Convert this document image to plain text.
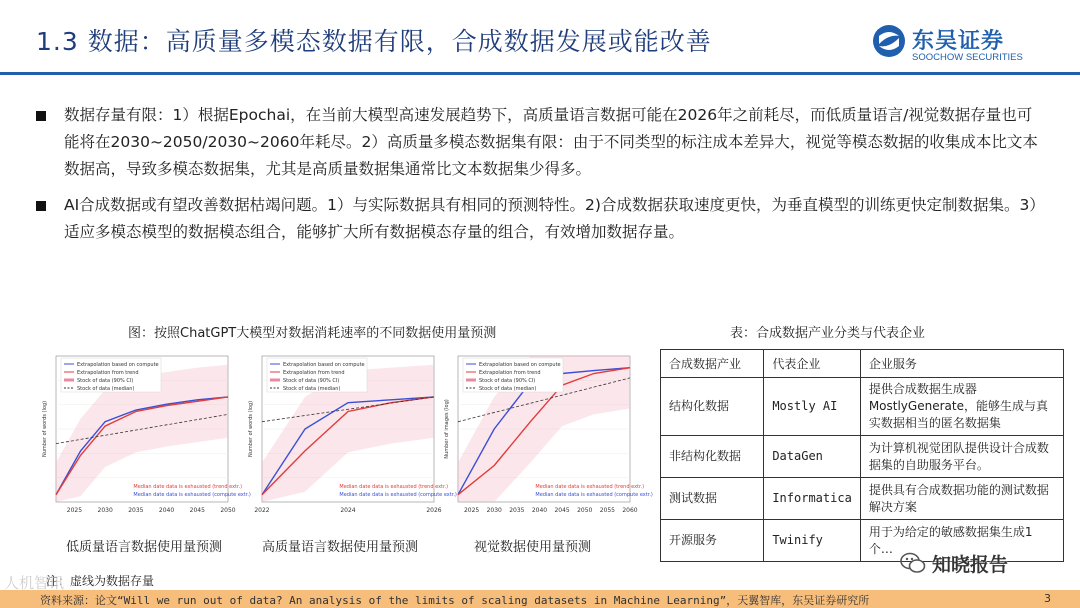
1.3 数据：高质量多模态数据有限，合成数据发展或能改善	东吴证券
SOOCHOW SECURITIES
数据存量有限：1）根据Epochai，在当前大模型高速发展趋势下，高质量语言数据可能在2026年之前耗尽，而低质量语言/视觉数据存量也可能将在2030~2050/2030~2060年耗尽。2）高质量多模态数据集有限：由于不同类型的标注成本差异大，视觉等模态数据的收集成本比文本数据高，导致多模态数据集，尤其是高质量数据集通常比文本数据集少得多。
AI合成数据或有望改善数据枯竭问题。1）与实际数据具有相同的预测特性。2)合成数据获取速度更快，为垂直模型的训练更快定制数据集。3）适应多模态模型的数据模态组合，能够扩大所有数据模态存量的组合，有效增加数据存量。
图：按照ChatGPT大模型对数据消耗速率的不同数据使用量预测
2025	2030	2035	2040	2045	2050
Number of words (log)
Extrapolation based on compute
Extrapolation from trend
Stock of data (90% CI)
Stock of data (median)
Median date data is exhausted (trend extr.)
Median date data is exhausted (compute extr.)
2022	2024	2026
Number of words (log)
Extrapolation based on compute
Extrapolation from trend
Stock of data (90% CI)
Stock of data (median)
Median date data is exhausted (trend extr.)
Median date data is exhausted (compute extr.)
2025 2030 2035 2040 2045 2050 2055 2060
Number of images (log)
Extrapolation based on compute
Extrapolation from trend
Stock of data (90% CI)
Stock of data (median)
Median date data is exhausted (trend extr.)
Median date data is exhausted (compute extr.)
低质量语言数据使用量预测	高质量语言数据使用量预测	视觉数据使用量预测
表：合成数据产业分类与代表企业
合成数据产业	代表企业	企业服务
结构化数据	Mostly AI	提供合成数据生成器MostlyGenerate，能够生成与真实数据相当的匿名数据集
非结构化数据	DataGen	为计算机视觉团队提供设计合成数据集的自助服务平台。
测试数据	Informatica	提供具有合成数据功能的测试数据解决方案
开源服务	Twinify	用于为给定的敏感数据集生成1个…
注：虚线为数据存量
资料来源：论文“Will we run out of data? An analysis of the limits of scaling datasets in Machine Learning”，天翼智库，东吴证券研究所	3
人机智讯
知晓报告
